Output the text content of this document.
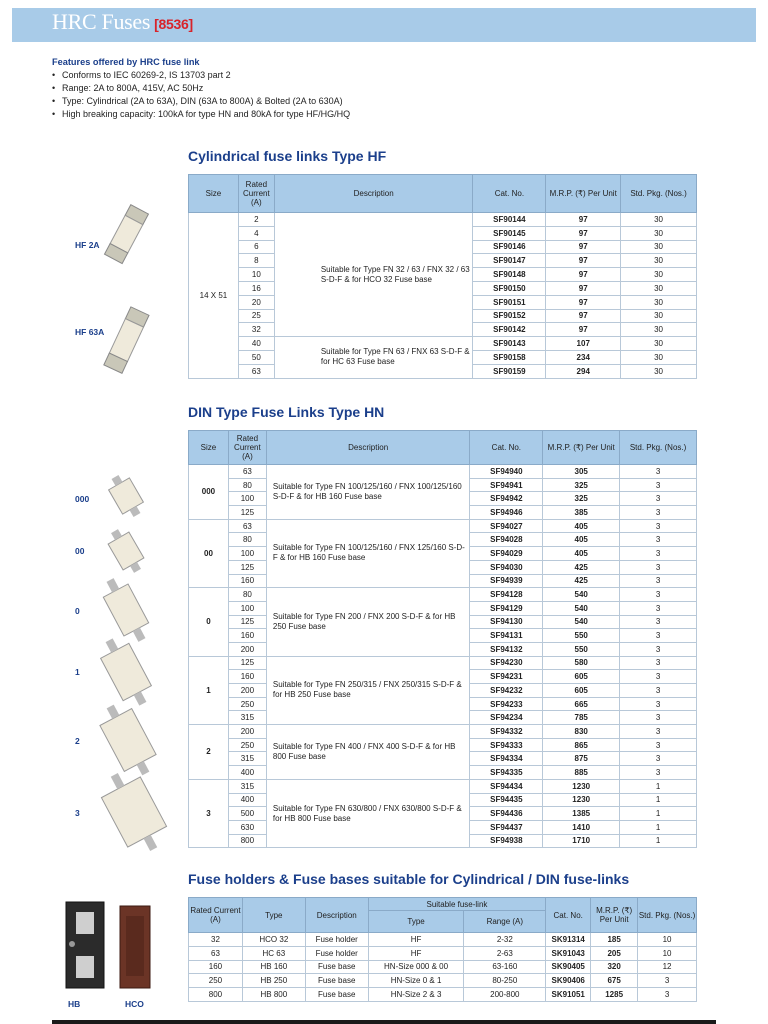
HRC Fuses [8536]
Features offered by HRC fuse link
• Conforms to IEC 60269-2, IS 13703 part 2
• Range: 2A to 800A, 415V, AC 50Hz
• Type: Cylindrical (2A to 63A), DIN (63A to 800A) & Bolted (2A to 630A)
• High breaking capacity: 100kA for type HN and 80kA for type HF/HG/HQ
Cylindrical fuse links Type HF
HF 2A
HF 63A
Size	Rated Current (A)	Description	Cat. No.	M.R.P. (₹) Per Unit	Std. Pkg. (Nos.)
14 X 51	2	Suitable for Type FN 32 / 63 / FNX 32 / 63 S-D-F & for HCO 32 Fuse base	SF90144	97	30
	4		SF90145	97	30
	6		SF90146	97	30
	8		SF90147	97	30
	10		SF90148	97	30
	16		SF90150	97	30
	20		SF90151	97	30
	25		SF90152	97	30
	32		SF90142	97	30
	40	Suitable for Type FN 63 / FNX 63 S-D-F & for HC 63 Fuse base	SF90143	107	30
	50		SF90158	234	30
	63		SF90159	294	30
DIN Type Fuse Links Type HN
000
00
0
1
2
3
Size	Rated Current (A)	Description	Cat. No.	M.R.P. (₹) Per Unit	Std. Pkg. (Nos.)
000	63	Suitable for Type FN 100/125/160 / FNX 100/125/160 S-D-F & for HB 160 Fuse base	SF94940	305	3
	80		SF94941	325	3
	100		SF94942	325	3
	125		SF94946	385	3
00	63	Suitable for Type FN 100/125/160 / FNX 125/160 S-D-F & for HB 160 Fuse base	SF94027	405	3
	80		SF94028	405	3
	100		SF94029	405	3
	125		SF94030	425	3
	160		SF94939	425	3
0	80	Suitable for Type FN 200 / FNX 200 S-D-F & for HB 250 Fuse base	SF94128	540	3
	100		SF94129	540	3
	125		SF94130	540	3
	160		SF94131	550	3
	200		SF94132	550	3
1	125	Suitable for Type FN 250/315 / FNX 250/315 S-D-F & for HB 250 Fuse base	SF94230	580	3
	160		SF94231	605	3
	200		SF94232	605	3
	250		SF94233	665	3
	315		SF94234	785	3
2	200	Suitable for Type FN 400 / FNX 400 S-D-F & for HB 800 Fuse base	SF94332	830	3
	250		SF94333	865	3
	315		SF94334	875	3
	400		SF94335	885	3
3	315	Suitable for Type FN 630/800 / FNX 630/800 S-D-F & for HB 800 Fuse base	SF94434	1230	1
	400		SF94435	1230	1
	500		SF94436	1385	1
	630		SF94437	1410	1
	800		SF94938	1710	1
Fuse holders & Fuse bases suitable for Cylindrical / DIN fuse-links
HB	HCO
Rated Current (A)	Type	Description	Suitable fuse-link		Cat. No.	M.R.P. (₹) Per Unit	Std. Pkg. (Nos.)
			Type	Range (A)			
32	HCO 32	Fuse holder	HF	2-32	SK91314	185	10
63	HC 63	Fuse holder	HF	2-63	SK91043	205	10
160	HB 160	Fuse base	HN-Size 000 & 00	63-160	SK90405	320	12
250	HB 250	Fuse base	HN-Size 0 & 1	80-250	SK90406	675	3
800	HB 800	Fuse base	HN-Size 2 & 3	200-800	SK91051	1285	3
